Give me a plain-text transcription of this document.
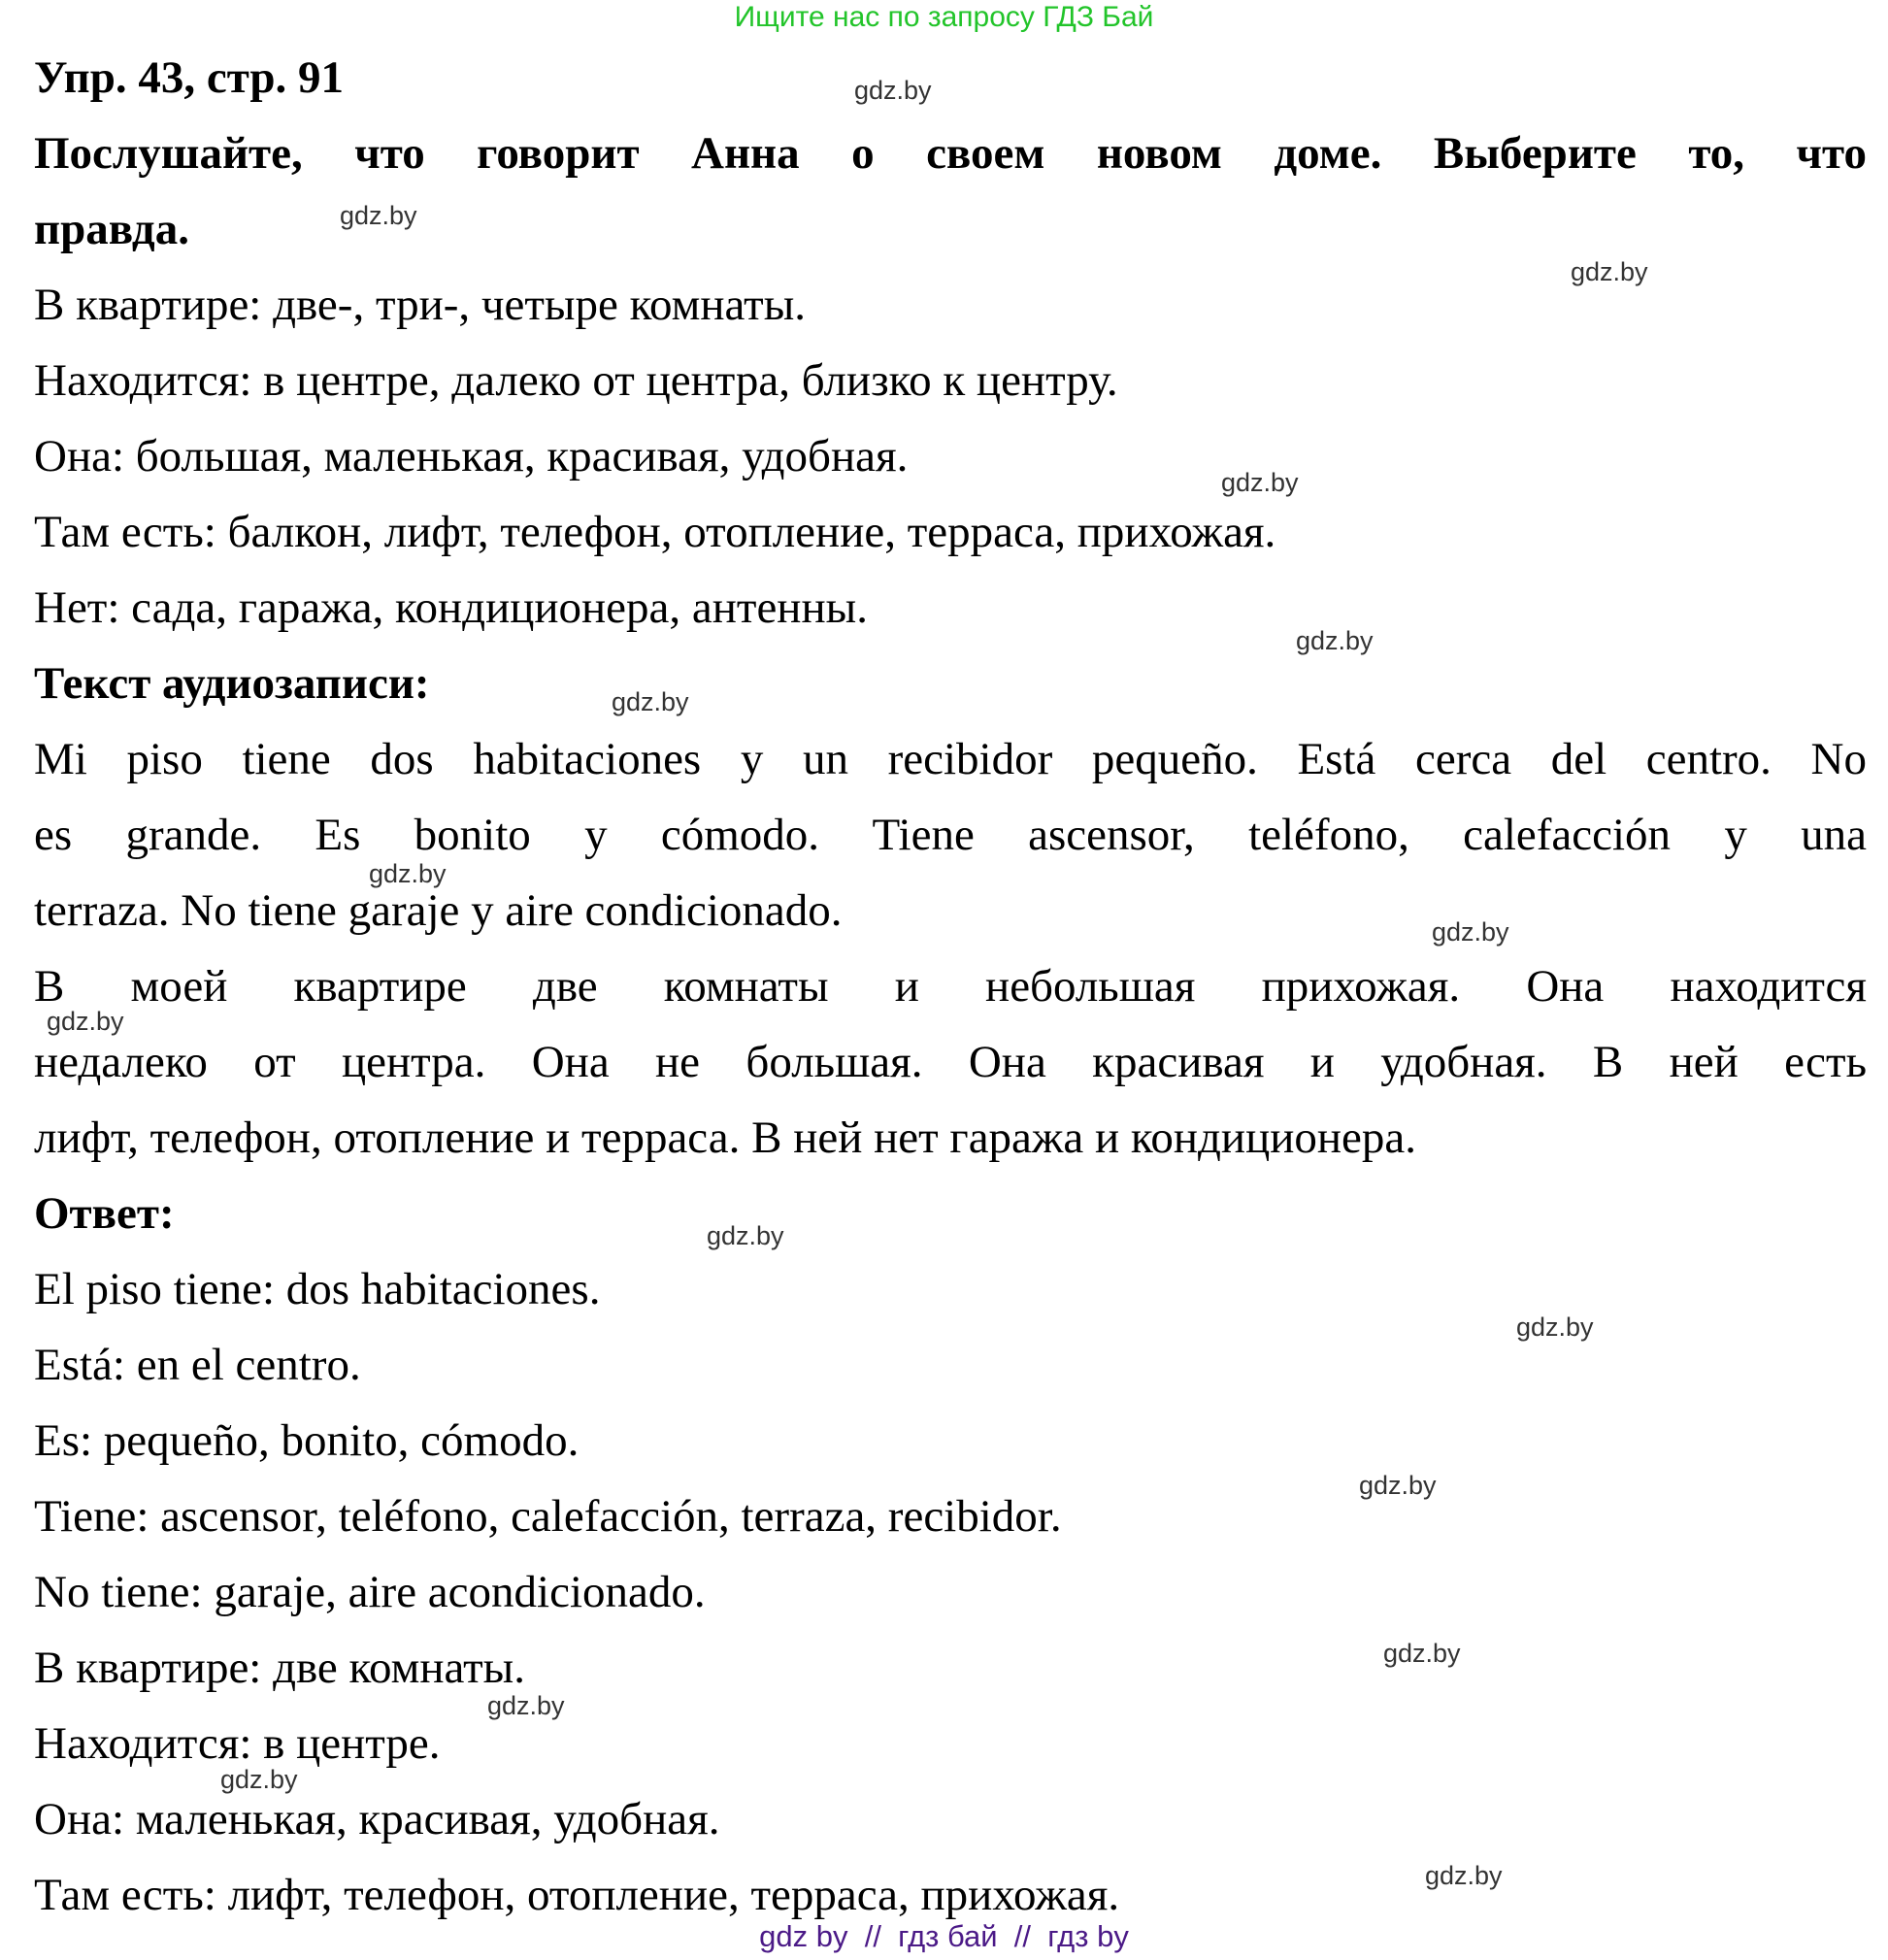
Ищите нас по запросу ГДЗ Бай
Упр. 43, стр. 91
Послушайте, что говорит Анна о своем новом доме. Выберите то, что
правда.
В квартире: две-, три-, четыре комнаты.
Находится: в центре, далеко от центра, близко к центру.
Она: большая, маленькая, красивая, удобная.
Там есть: балкон, лифт, телефон, отопление, терраса, прихожая.
Нет: сада, гаража, кондиционера, антенны.
Текст аудиозаписи:
Mi piso tiene dos habitaciones y un recibidor pequeño. Está cerca del centro. No
es grande. Es bonito y cómodo. Tiene ascensor, teléfono, calefacción y una
terraza. No tiene garaje y aire condicionado.
В моей квартире две комнаты и небольшая прихожая. Она находится
недалеко от центра. Она не большая. Она красивая и удобная. В ней есть
лифт, телефон, отопление и терраса. В ней нет гаража и кондиционера.
Ответ:
El piso tiene: dos habitaciones.
Está: en el centro.
Es: pequeño, bonito, cómodo.
Tiene: ascensor, teléfono, calefacción, terraza, recibidor.
No tiene: garaje, aire acondicionado.
В квартире: две комнаты.
Находится: в центре.
Она: маленькая, красивая, удобная.
Там есть: лифт, телефон, отопление, терраса, прихожая.
gdz.by
gdz.by
gdz.by
gdz.by
gdz.by
gdz.by
gdz.by
gdz.by
gdz.by
gdz.by
gdz.by
gdz.by
gdz.by
gdz.by
gdz.by
gdz.by
gdz by  //  гдз бай  //  гдз by
